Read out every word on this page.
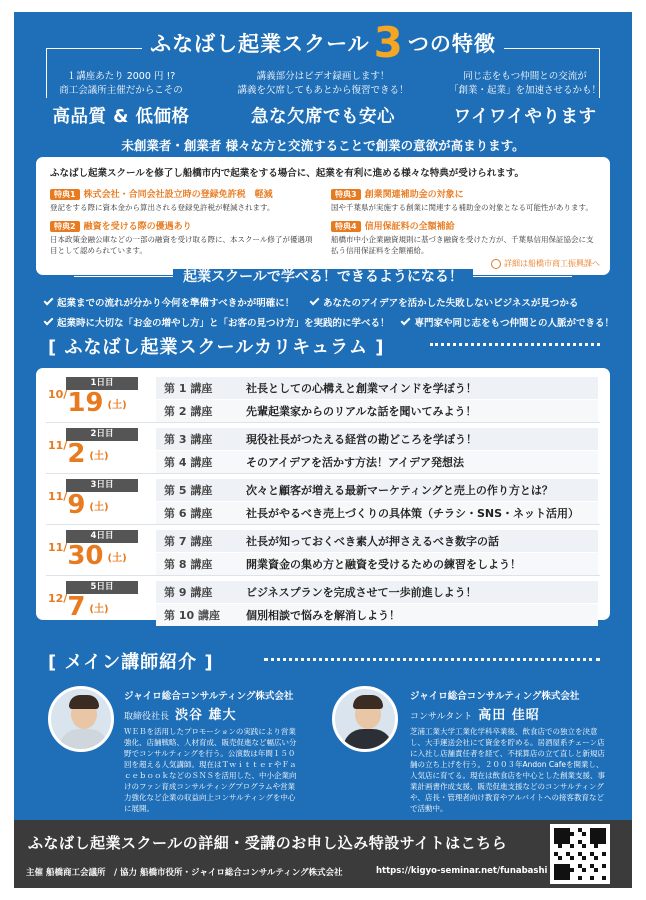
ふなばし起業スクール3 つの特徴
１講座あたり 2000 円 !?
商工会議所主催だからこその
高品質 & 低価格
講義部分はビデオ録画します！
講義を欠席してもあとから復習できる！
急な欠席でも安心
同じ志をもつ仲間との交流が
「創業・起業」を加速させるかも！
ワイワイやります
未創業者・創業者 様々な方と交流することで創業の意欲が高まります。
ふなばし起業スクールを修了し船橋市内で起業をする場合に、起業を有利に進める様々な特典が受けられます。
特典1 株式会社・合同会社設立時の登録免許税　軽減
登記をする際に資本金から算出される登録免許税が軽減されます。
特典3 創業関連補助金の対象に
国や千葉県が実施する創業に関連する補助金の対象となる可能性があります。
特典2 融資を受ける際の優遇あり
日本政策金融公庫などの一部の融資を受け取る際に、本スクール修了が優遇項目として認められています。
特典4 信用保証料の全額補給
船橋市中小企業融資規則に基づき融資を受けた方が、千葉県信用保証協会に支払う信用保証料を全額補給。
詳細は船橋市商工振興課へ
起業スクールで学べる！できるようになる！
起業までの流れが分かり今何を準備すべきかが明確に！	あなたのアイデアを活かした失敗しないビジネスが見つかる
起業時に大切な「お金の増やし方」と「お客の見つけ方」を実践的に学べる！	専門家や同じ志をもつ仲間との人脈ができる！
[ ふなばし起業スクールカリキュラム ]
1日目
$^{10/}$19 (土)
第 1 講座	社長としての心構えと創業マインドを学ぼう！
第 2 講座	先輩起業家からのリアルな話を聞いてみよう！
2日目
$^{11/}$2 (土)
第 3 講座	現役社長がつたえる経営の勘どころを学ぼう！
第 4 講座	そのアイデアを活かす方法！アイデア発想法
3日目
$^{11/}$9 (土)
第 5 講座	次々と顧客が増える最新マーケティングと売上の作り方とは？
第 6 講座	社長がやるべき売上づくりの具体策（チラシ・SNS・ネット活用）
4日目
$^{11/}$30 (土)
第 7 講座	社長が知っておくべき素人が押さえるべき数字の話
第 8 講座	開業資金の集め方と融資を受けるための練習をしよう！
5日目
$^{12/}$7 (土)
第 9 講座	ビジネスプランを完成させて一歩前進しよう！
第 10 講座	個別相談で悩みを解消しよう！
[ メイン講師紹介 ]
ジャイロ総合コンサルティング株式会社
取締役社長 渋谷 雄大
ＷＥＢを活用したプロモーションの実践により営業強化、店舗戦略、人材育成、販売促進など幅広い分野でコンサルティングを行う。公演数は年間１５０回を超える人気講師。現在はＴｗｉｔｔｅｒやＦａｃｅｂｏｏｋなどのＳＮＳを活用した、中小企業向けのファン育成コンサルティングプログラムや営業力強化など企業の収益向上コンサルティングを中心に展開。
ジャイロ総合コンサルティング株式会社
コンサルタント 高田 佳昭
芝浦工業大学工業化学科卒業後、飲食店での独立を決意し、大手運送会社にて資金を貯める。居酒屋系チェーン店に入社し店舗責任者を経て、不採算店の立て直しと新規店舗の立ち上げを行う。２００３年Andon Cafeを開業し、人気店に育てる。現在は飲食店を中心とした創業支援、事業計画書作成支援、販売促進支援などのコンサルティングや、店長・管理者向け教育やアルバイトへの接客教育などで活動中。
ふなばし起業スクールの詳細・受講のお申し込み特設サイトはこちら
主催 船橋商工会議所　/ 協力 船橋市役所・ジャイロ総合コンサルティング株式会社	https://kigyo-seminar.net/funabashi
